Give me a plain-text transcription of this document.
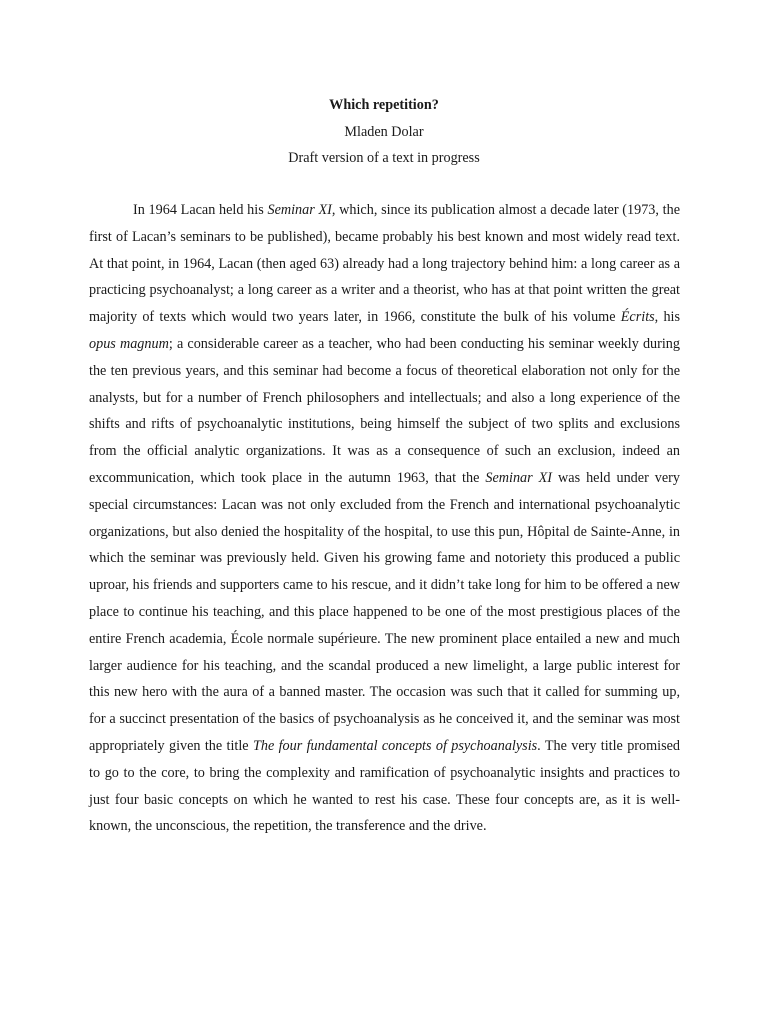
Which repetition?
Mladen Dolar
Draft version of a text in progress

In 1964 Lacan held his Seminar XI, which, since its publication almost a decade later (1973, the first of Lacan’s seminars to be published), became probably his best known and most widely read text. At that point, in 1964, Lacan (then aged 63) already had a long trajectory behind him: a long career as a practicing psychoanalyst; a long career as a writer and a theorist, who has at that point written the great majority of texts which would two years later, in 1966, constitute the bulk of his volume Écrits, his opus magnum; a considerable career as a teacher, who had been conducting his seminar weekly during the ten previous years, and this seminar had become a focus of theoretical elaboration not only for the analysts, but for a number of French philosophers and intellectuals; and also a long experience of the shifts and rifts of psychoanalytic institutions, being himself the subject of two splits and exclusions from the official analytic organizations. It was as a consequence of such an exclusion, indeed an excommunication, which took place in the autumn 1963, that the Seminar XI was held under very special circumstances: Lacan was not only excluded from the French and international psychoanalytic organizations, but also denied the hospitality of the hospital, to use this pun, Hôpital de Sainte-Anne, in which the seminar was previously held. Given his growing fame and notoriety this produced a public uproar, his friends and supporters came to his rescue, and it didn’t take long for him to be offered a new place to continue his teaching, and this place happened to be one of the most prestigious places of the entire French academia, École normale supérieure. The new prominent place entailed a new and much larger audience for his teaching, and the scandal produced a new limelight, a large public interest for this new hero with the aura of a banned master. The occasion was such that it called for summing up, for a succinct presentation of the basics of psychoanalysis as he conceived it, and the seminar was most appropriately given the title The four fundamental concepts of psychoanalysis. The very title promised to go to the core, to bring the complexity and ramification of psychoanalytic insights and practices to just four basic concepts on which he wanted to rest his case. These four concepts are, as it is well-known, the unconscious, the repetition, the transference and the drive.
